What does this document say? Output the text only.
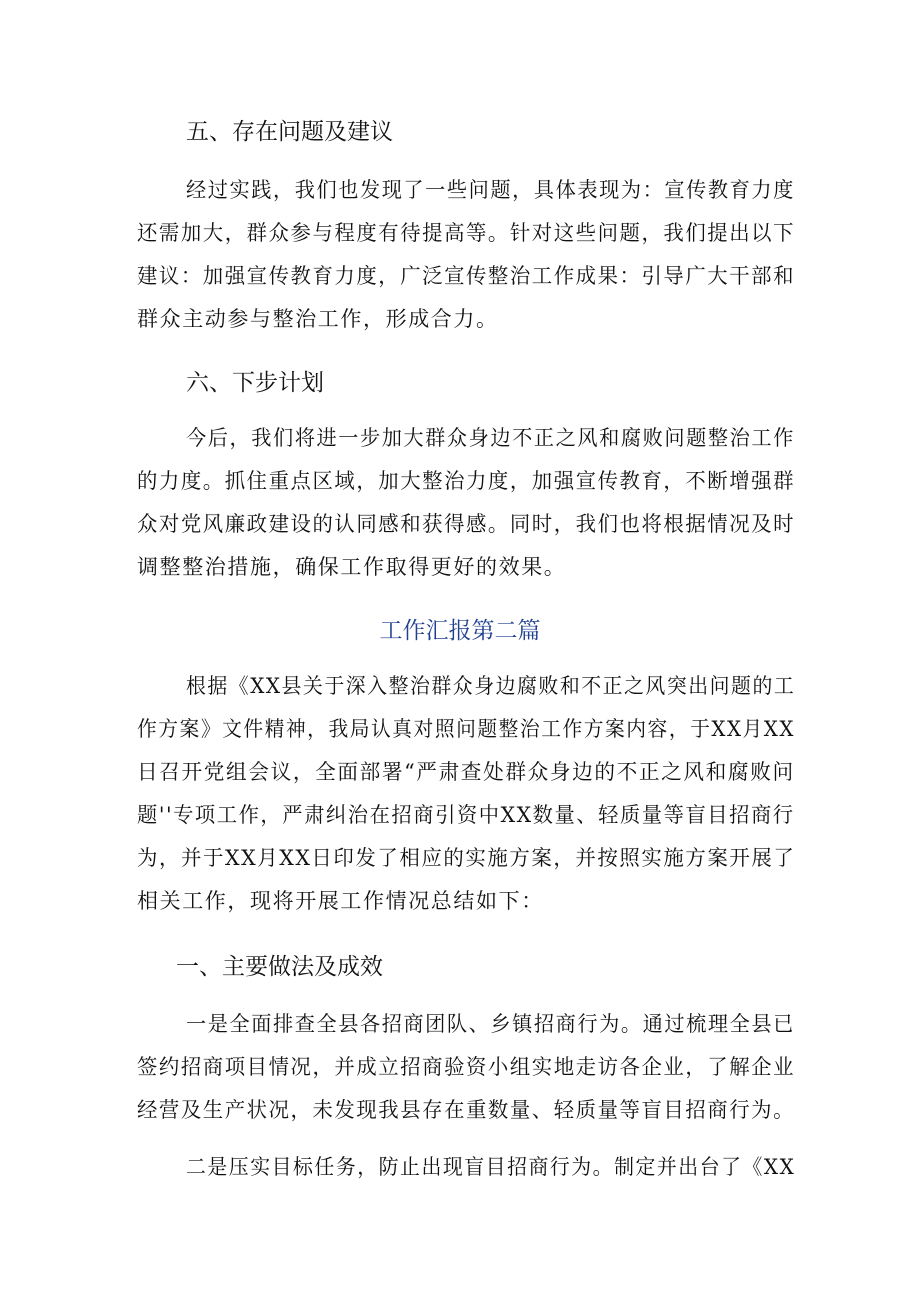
五、存在问题及建议
经过实践，我们也发现了一些问题，具体表现为：宣传教育力度
还需加大，群众参与程度有待提高等。针对这些问题，我们提出以下
建议：加强宣传教育力度，广泛宣传整治工作成果：引导广大干部和
群众主动参与整治工作，形成合力。
六、下步计划
今后，我们将进一步加大群众身边不正之风和腐败问题整治工作
的力度。抓住重点区域，加大整治力度，加强宣传教育，不断增强群
众对党风廉政建设的认同感和获得感。同时，我们也将根据情况及时
调整整治措施，确保工作取得更好的效果。
工作汇报第二篇
根据《XX县关于深入整治群众身边腐败和不正之风突出问题的工
作方案》文件精神，我局认真对照问题整治工作方案内容，于XX月XX
日召开党组会议，全面部署“严肃查处群众身边的不正之风和腐败问
题''专项工作，严肃纠治在招商引资中XX数量、轻质量等盲目招商行
为，并于XX月XX日印发了相应的实施方案，并按照实施方案开展了
相关工作，现将开展工作情况总结如下：
一、主要做法及成效
一是全面排查全县各招商团队、乡镇招商行为。通过梳理全县已
签约招商项目情况，并成立招商验资小组实地走访各企业，了解企业
经营及生产状况，未发现我县存在重数量、轻质量等盲目招商行为。
二是压实目标任务，防止出现盲目招商行为。制定并出台了《XX
